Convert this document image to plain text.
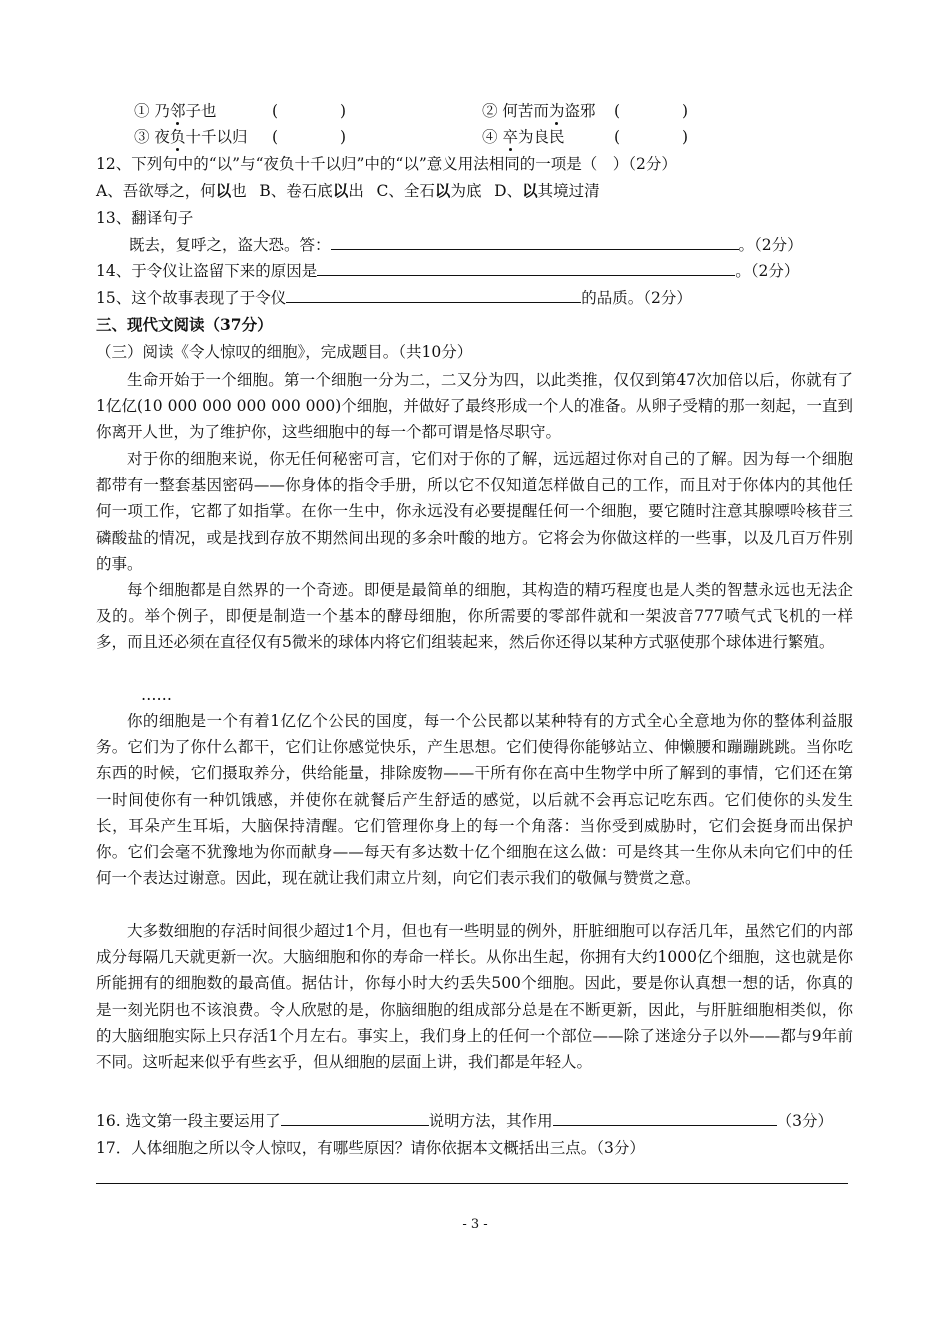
① 乃邻子也	(　　　　)	② 何苦而为盗邪 (　　　　)
③ 夜负十千以归 (　　　　)	④ 卒为良民	(　　　　)
12、下列句中的“以”与“夜负十千以归”中的“以”意义用法相同的一项是（　）（2分）
A、吾欲辱之，何以也  B、卷石底以出  C、全石以为底  D、以其境过清
13、翻译句子
既去，复呼之，盗大恐。答：	。（2分）
14、于令仪让盗留下来的原因是	。（2分）
15、这个故事表现了于令仪	的品质。（2分）
三、现代文阅读（37分）
（三）阅读《令人惊叹的细胞》，完成题目。（共10分）
生命开始于一个细胞。第一个细胞一分为二，二又分为四，以此类推，仅仅到第47次加倍以后，你就有了1亿亿(10 000 000 000 000 000)个细胞，并做好了最终形成一个人的准备。从卵子受精的那一刻起，一直到你离开人世，为了维护你，这些细胞中的每一个都可谓是恪尽职守。
对于你的细胞来说，你无任何秘密可言，它们对于你的了解，远远超过你对自己的了解。因为每一个细胞都带有一整套基因密码——你身体的指令手册，所以它不仅知道怎样做自己的工作，而且对于你体内的其他任何一项工作，它都了如指掌。在你一生中，你永远没有必要提醒任何一个细胞，要它随时注意其腺嘌呤核苷三磷酸盐的情况，或是找到存放不期然间出现的多余叶酸的地方。它将会为你做这样的一些事，以及几百万件别的事。
每个细胞都是自然界的一个奇迹。即便是最简单的细胞，其构造的精巧程度也是人类的智慧永远也无法企及的。举个例子，即便是制造一个基本的酵母细胞，你所需要的零部件就和一架波音777喷气式飞机的一样多，而且还必须在直径仅有5微米的球体内将它们组装起来，然后你还得以某种方式驱使那个球体进行繁殖。
……
你的细胞是一个有着1亿亿个公民的国度，每一个公民都以某种特有的方式全心全意地为你的整体利益服务。它们为了你什么都干，它们让你感觉快乐，产生思想。它们使得你能够站立、伸懒腰和蹦蹦跳跳。当你吃东西的时候，它们摄取养分，供给能量，排除废物——干所有你在高中生物学中所了解到的事情，它们还在第一时间使你有一种饥饿感，并使你在就餐后产生舒适的感觉，以后就不会再忘记吃东西。它们使你的头发生长，耳朵产生耳垢，大脑保持清醒。它们管理你身上的每一个角落：当你受到威胁时，它们会挺身而出保护你。它们会毫不犹豫地为你而献身——每天有多达数十亿个细胞在这么做：可是终其一生你从未向它们中的任何一个表达过谢意。因此，现在就让我们肃立片刻，向它们表示我们的敬佩与赞赏之意。
大多数细胞的存活时间很少超过1个月，但也有一些明显的例外，肝脏细胞可以存活几年，虽然它们的内部成分每隔几天就更新一次。大脑细胞和你的寿命一样长。从你出生起，你拥有大约1000亿个细胞，这也就是你所能拥有的细胞数的最高值。据估计，你每小时大约丢失500个细胞。因此，要是你认真想一想的话，你真的是一刻光阴也不该浪费。令人欣慰的是，你脑细胞的组成部分总是在不断更新，因此，与肝脏细胞相类似，你的大脑细胞实际上只存活1个月左右。事实上，我们身上的任何一个部位——除了迷途分子以外——都与9年前不同。这听起来似乎有些玄乎，但从细胞的层面上讲，我们都是年轻人。
16. 选文第一段主要运用了	说明方法，其作用	（3分）
17．人体细胞之所以令人惊叹，有哪些原因？请你依据本文概括出三点。（3分）
- 3 -
